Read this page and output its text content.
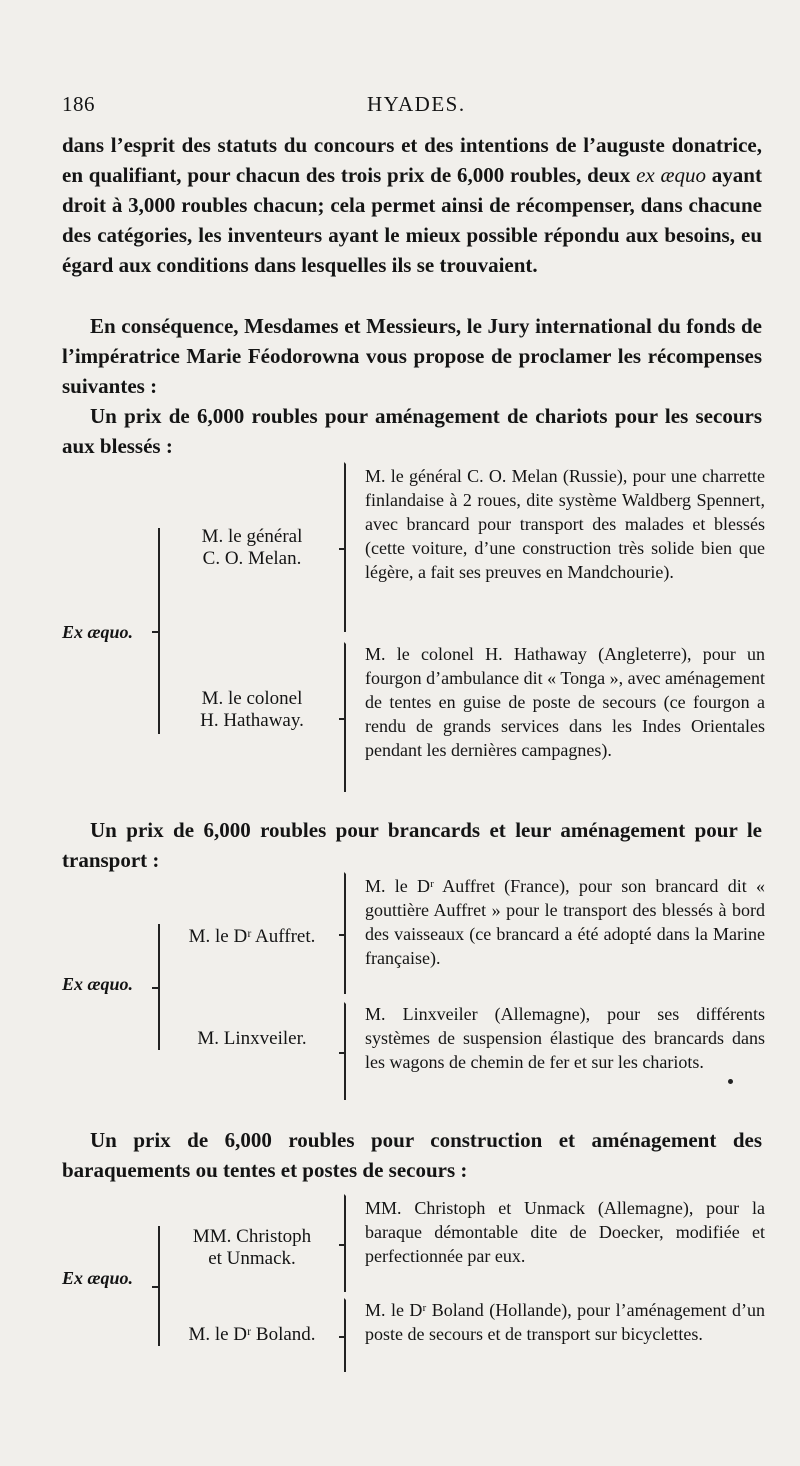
186	HYADES.
dans l’esprit des statuts du concours et des intentions de l’auguste donatrice, en qualifiant, pour chacun des trois prix de 6,000 roubles, deux ex æquo ayant droit à 3,000 roubles chacun; cela permet ainsi de récompenser, dans chacune des catégories, les inventeurs ayant le mieux possible répondu aux besoins, eu égard aux conditions dans lesquelles ils se trouvaient.
En conséquence, Mesdames et Messieurs, le Jury international du fonds de l’impératrice Marie Féodorowna vous propose de proclamer les récompenses suivantes :
Un prix de 6,000 roubles pour aménagement de chariots pour les secours aux blessés :
Ex æquo.
M. le général
C. O. Melan.
M. le général C. O. Melan (Russie), pour une charrette finlandaise à 2 roues, dite système Waldberg Spennert, avec brancard pour transport des malades et blessés (cette voiture, d’une construction très solide bien que légère, a fait ses preuves en Mandchourie).
M. le colonel
H. Hathaway.
M. le colonel H. Hathaway (Angleterre), pour un fourgon d’ambulance dit « Tonga », avec aménagement de tentes en guise de poste de secours (ce fourgon a rendu de grands services dans les Indes Orientales pendant les dernières campagnes).
Un prix de 6,000 roubles pour brancards et leur aménagement pour le transport :
Ex æquo.
M. le Dʳ Auffret.
M. le Dʳ Auffret (France), pour son brancard dit « gouttière Auffret » pour le transport des blessés à bord des vaisseaux (ce brancard a été adopté dans la Marine française).
M. Linxveiler.
M. Linxveiler (Allemagne), pour ses différents systèmes de suspension élastique des brancards dans les wagons de chemin de fer et sur les chariots.
Un prix de 6,000 roubles pour construction et aménagement des baraquements ou tentes et postes de secours :
Ex æquo.
MM. Christoph
et Unmack.
MM. Christoph et Unmack (Allemagne), pour la baraque démontable dite de Doecker, modifiée et perfectionnée par eux.
M. le Dʳ Boland.
M. le Dʳ Boland (Hollande), pour l’aménagement d’un poste de secours et de transport sur bicyclettes.
